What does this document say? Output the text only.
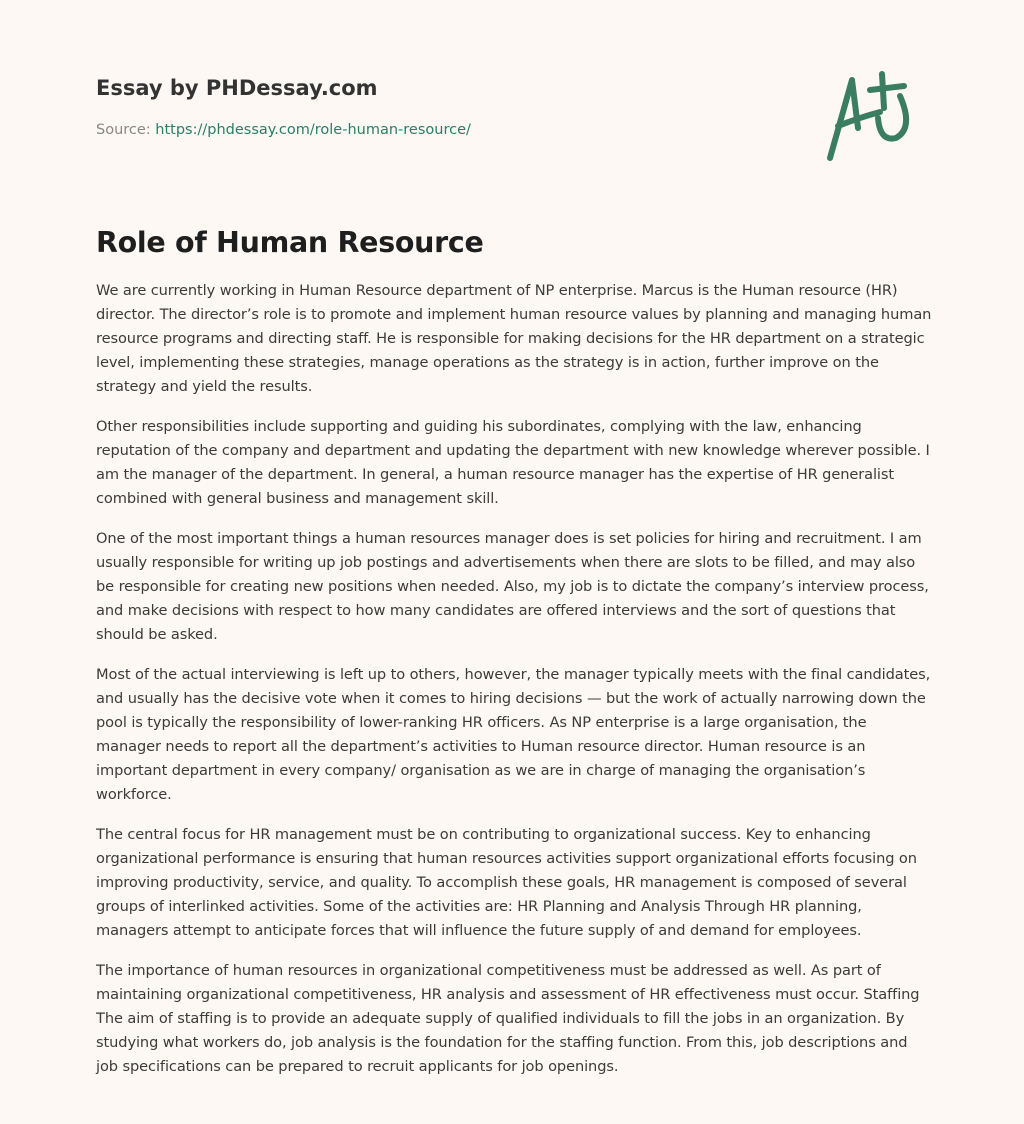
Essay by PHDessay.com
Source: https://phdessay.com/role-human-resource/
Role of Human Resource

We are currently working in Human Resource department of NP enterprise. Marcus is the Human resource (HR) director. The director’s role is to promote and implement human resource values by planning and managing human resource programs and directing staff. He is responsible for making decisions for the HR department on a strategic level, implementing these strategies, manage operations as the strategy is in action, further improve on the strategy and yield the results.

Other responsibilities include supporting and guiding his subordinates, complying with the law, enhancing reputation of the company and department and updating the department with new knowledge wherever possible. I am the manager of the department. In general, a human resource manager has the expertise of HR generalist combined with general business and management skill.

One of the most important things a human resources manager does is set policies for hiring and recruitment. I am usually responsible for writing up job postings and advertisements when there are slots to be filled, and may also be responsible for creating new positions when needed. Also, my job is to dictate the company’s interview process, and make decisions with respect to how many candidates are offered interviews and the sort of questions that should be asked.

Most of the actual interviewing is left up to others, however, the manager typically meets with the final candidates, and usually has the decisive vote when it comes to hiring decisions — but the work of actually narrowing down the pool is typically the responsibility of lower-ranking HR officers. As NP enterprise is a large organisation, the manager needs to report all the department’s activities to Human resource director. Human resource is an important department in every company/ organisation as we are in charge of managing the organisation’s workforce.

The central focus for HR management must be on contributing to organizational success. Key to enhancing organizational performance is ensuring that human resources activities support organizational efforts focusing on improving productivity, service, and quality. To accomplish these goals, HR management is composed of several groups of interlinked activities. Some of the activities are: HR Planning and Analysis Through HR planning, managers attempt to anticipate forces that will influence the future supply of and demand for employees.

The importance of human resources in organizational competitiveness must be addressed as well. As part of maintaining organizational competitiveness, HR analysis and assessment of HR effectiveness must occur. Staffing The aim of staffing is to provide an adequate supply of qualified individuals to fill the jobs in an organization. By studying what workers do, job analysis is the foundation for the staffing function. From this, job descriptions and job specifications can be prepared to recruit applicants for job openings.
